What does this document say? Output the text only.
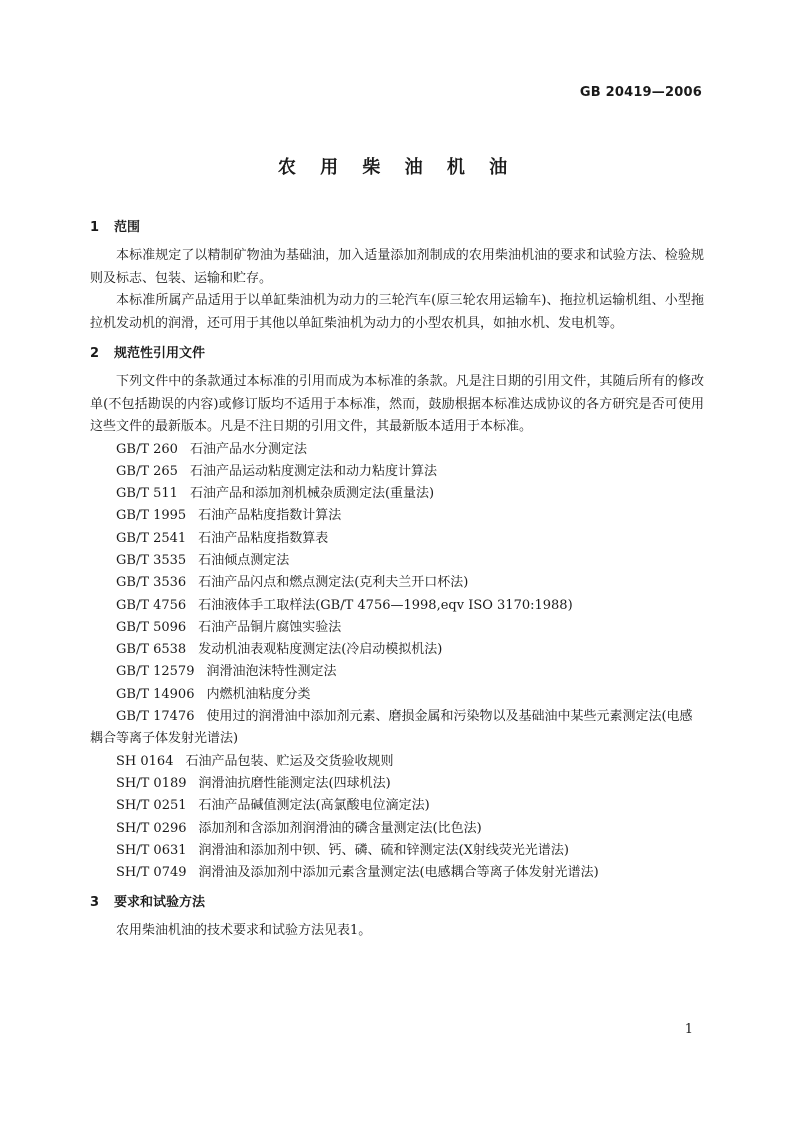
GB 20419—2006
农 用 柴 油 机 油
1 范围

本标准规定了以精制矿物油为基础油，加入适量添加剂制成的农用柴油机油的要求和试验方法、检验规则及标志、包装、运输和贮存。

本标准所属产品适用于以单缸柴油机为动力的三轮汽车(原三轮农用运输车)、拖拉机运输机组、小型拖拉机发动机的润滑，还可用于其他以单缸柴油机为动力的小型农机具，如抽水机、发电机等。

2 规范性引用文件

下列文件中的条款通过本标准的引用而成为本标准的条款。凡是注日期的引用文件，其随后所有的修改单(不包括勘误的内容)或修订版均不适用于本标准，然而，鼓励根据本标准达成协议的各方研究是否可使用这些文件的最新版本。凡是不注日期的引用文件，其最新版本适用于本标准。

GB/T 260 石油产品水分测定法
GB/T 265 石油产品运动粘度测定法和动力粘度计算法
GB/T 511 石油产品和添加剂机械杂质测定法(重量法)
GB/T 1995 石油产品粘度指数计算法
GB/T 2541 石油产品粘度指数算表
GB/T 3535 石油倾点测定法
GB/T 3536 石油产品闪点和燃点测定法(克利夫兰开口杯法)
GB/T 4756 石油液体手工取样法(GB/T 4756—1998,eqv ISO 3170:1988)
GB/T 5096 石油产品铜片腐蚀实验法
GB/T 6538 发动机油表观粘度测定法(冷启动模拟机法)
GB/T 12579 润滑油泡沫特性测定法
GB/T 14906 内燃机油粘度分类
GB/T 17476 使用过的润滑油中添加剂元素、磨损金属和污染物以及基础油中某些元素测定法(电感耦合等离子体发射光谱法)
SH 0164 石油产品包装、贮运及交货验收规则
SH/T 0189 润滑油抗磨性能测定法(四球机法)
SH/T 0251 石油产品碱值测定法(高氯酸电位滴定法)
SH/T 0296 添加剂和含添加剂润滑油的磷含量测定法(比色法)
SH/T 0631 润滑油和添加剂中钡、钙、磷、硫和锌测定法(X射线荧光光谱法)
SH/T 0749 润滑油及添加剂中添加元素含量测定法(电感耦合等离子体发射光谱法)
3 要求和试验方法

农用柴油机油的技术要求和试验方法见表1。

1
